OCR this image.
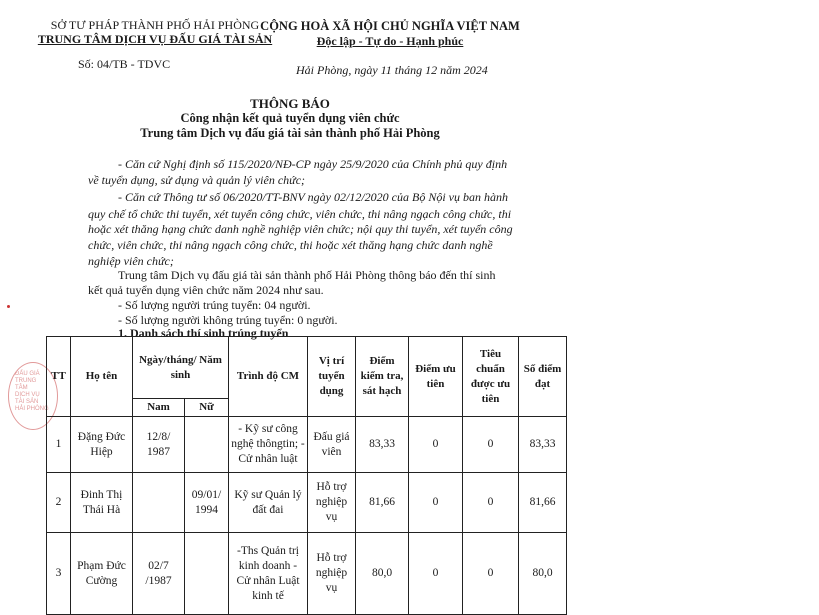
SỞ TƯ PHÁP THÀNH PHỐ HẢI PHÒNG
TRUNG TÂM DỊCH VỤ ĐẤU GIÁ TÀI SẢN
Số: 04/TB - TDVC
CỘNG HOÀ XÃ HỘI CHỦ NGHĨA VIỆT NAM
Độc lập - Tự do - Hạnh phúc
Hải Phòng, ngày 11 tháng 12 năm 2024
THÔNG BÁO
Công nhận kết quả tuyển dụng viên chức
Trung tâm Dịch vụ đấu giá tài sản thành phố Hải Phòng
- Căn cứ Nghị định số 115/2020/NĐ-CP ngày 25/9/2020 của Chính phủ quy định
về tuyển dụng, sử dụng và quản lý viên chức;
- Căn cứ Thông tư số 06/2020/TT-BNV ngày 02/12/2020 của Bộ Nội vụ ban hành
quy chế tổ chức thi tuyển, xét tuyển công chức, viên chức, thi nâng ngạch công chức, thi
hoặc xét thăng hạng chức danh nghề nghiệp viên chức; nội quy thi tuyển, xét tuyển công
chức, viên chức, thi nâng ngạch công chức, thi hoặc xét thăng hạng chức danh nghề
nghiệp viên chức;
Trung tâm Dịch vụ đấu giá tài sản thành phố Hải Phòng thông báo đến thí sinh
kết quả tuyển dụng viên chức năm 2024 như sau.
- Số lượng người trúng tuyển: 04 người.
- Số lượng người không trúng tuyển: 0 người.
1. Danh sách thí sinh trúng tuyển
ĐẤU GIÁ
TRUNG
TÂM
DỊCH VỤ
TÀI SẢN
HẢI PHÒNG
TT	Họ tên	Ngày/tháng/ Năm sinh		Trình độ CM	Vị trí tuyển dụng	Điểm kiểm tra, sát hạch	Điểm ưu tiên	Tiêu chuẩn được ưu tiên	Số điểm đạt
		Nam	Nữ						
1	Đặng Đức Hiệp	12/8/ 1987		- Kỹ sư công nghệ thôngtin; - Cử nhân luật	Đấu giá viên	83,33	0	0	83,33
2	Đinh Thị Thái Hà		09/01/ 1994	Kỹ sư Quản lý đất đai	Hỗ trợ nghiệp vụ	81,66	0	0	81,66
3	Phạm Đức Cường	02/7 /1987		-Ths Quản trị kinh doanh - Cử nhân Luật kinh tế	Hỗ trợ nghiệp vụ	80,0	0	0	80,0
